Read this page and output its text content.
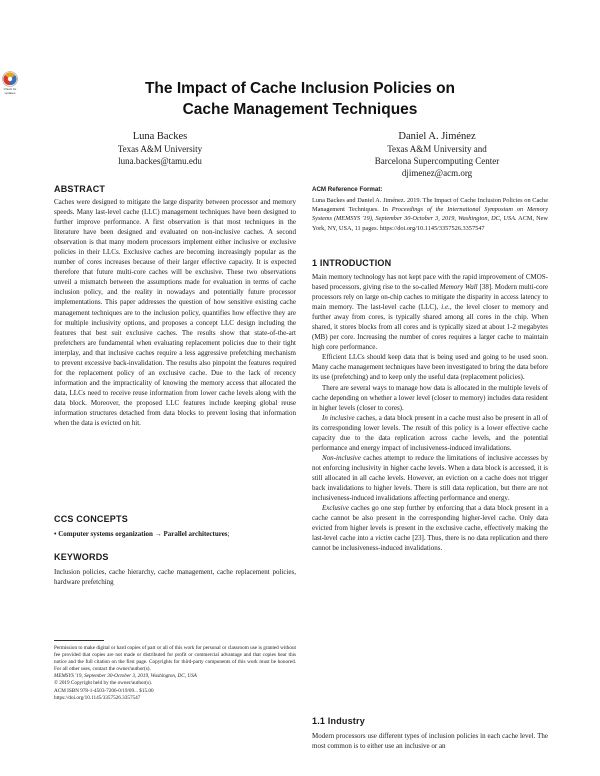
Check for updates	The Impact of Cache Inclusion Policies on
Cache Management Techniques
Luna Backes
Texas A&M University
luna.backes@tamu.edu
Daniel A. Jiménez
Texas A&M University and
Barcelona Supercomputing Center
djimenez@acm.org
ABSTRACT

Caches were designed to mitigate the large disparity between processor and memory speeds. Many last-level cache (LLC) management techniques have been designed to further improve performance. A first observation is that most techniques in the literature have been designed and evaluated on non-inclusive caches. A second observation is that many modern processors implement either inclusive or exclusive policies in their LLCs. Exclusive caches are becoming increasingly popular as the number of cores increases because of their larger effective capacity. It is expected therefore that future multi-core caches will be exclusive. These two observations unveil a mismatch between the assumptions made for evaluation in terms of cache inclusion policy, and the reality in nowadays and potentially future processor implementations. This paper addresses the question of how sensitive existing cache management techniques are to the inclusion policy, quantifies how effective they are for multiple inclusivity options, and proposes a concept LLC design including the features that best suit exclusive caches. The results show that state-of-the-art prefetchers are fundamental when evaluating replacement policies due to their tight interplay, and that inclusive caches require a less aggressive prefetching mechanism to prevent excessive back-invalidation. The results also pinpoint the features required for the replacement policy of an exclusive cache. Due to the lack of recency information and the impracticality of knowing the memory access that allocated the data, LLCs need to receive reuse information from lower cache levels along with the data block. Moreover, the proposed LLC features include keeping global reuse information structures detached from data blocks to prevent losing that information when the data is evicted on hit.

CCS CONCEPTS
• Computer systems organization → Parallel architectures;
KEYWORDS
Inclusion policies, cache hierarchy, cache management, cache replacement policies, hardware prefetching
Permission to make digital or hard copies of part or all of this work for personal or classroom use is granted without fee provided that copies are not made or distributed for profit or commercial advantage and that copies bear this notice and the full citation on the first page. Copyrights for third-party components of this work must be honored. For all other uses, contact the owner/author(s).
MEMSYS '19, September 30-October 3, 2019, Washington, DC, USA
© 2019 Copyright held by the owner/author(s).
ACM ISBN 978-1-4503-7206-0/19/09... $15.00
https://doi.org/10.1145/3357526.3357547
ACM Reference Format:
Luna Backes and Daniel A. Jiménez. 2019. The Impact of Cache Inclusion Policies on Cache Management Techniques. In Proceedings of the International Symposium on Memory Systems (MEMSYS '19), September 30-October 3, 2019, Washington, DC, USA. ACM, New York, NY, USA, 11 pages. https://doi.org/10.1145/3357526.3357547
1 INTRODUCTION

Main memory technology has not kept pace with the rapid improvement of CMOS-based processors, giving rise to the so-called Memory Wall [38]. Modern multi-core processors rely on large on-chip caches to mitigate the disparity in access latency to main memory. The last-level cache (LLC), i.e., the level closer to memory and further away from cores, is typically shared among all cores in the chip. When shared, it stores blocks from all cores and is typically sized at about 1-2 megabytes (MB) per core. Increasing the number of cores requires a larger cache to maintain high core performance.

Efficient LLCs should keep data that is being used and going to be used soon. Many cache management techniques have been investigated to bring the data before its use (prefetching) and to keep only the useful data (replacement policies).

There are several ways to manage how data is allocated in the multiple levels of cache depending on whether a lower level (closer to memory) includes data resident in higher levels (closer to cores).

In inclusive caches, a data block present in a cache must also be present in all of its corresponding lower levels. The result of this policy is a lower effective cache capacity due to the data replication across cache levels, and the potential performance and energy impact of inclusiveness-induced invalidations.

Non-inclusive caches attempt to reduce the limitations of inclusive accesses by not enforcing inclusivity in higher cache levels. When a data block is accessed, it is still allocated in all cache levels. However, an eviction on a cache does not trigger back invalidations to higher levels. There is still data replication, but there are not inclusiveness-induced invalidations affecting performance and energy.

Exclusive caches go one step further by enforcing that a data block present in a cache cannot be also present in the corresponding higher-level cache. Only data evicted from higher levels is present in the exclusive cache, effectively making the last-level cache into a victim cache [23]. Thus, there is no data replication and there cannot be inclusiveness-induced invalidations.

1.1 Industry
Modern processors use different types of inclusion policies in each cache level. The most common is to either use an inclusive or an
